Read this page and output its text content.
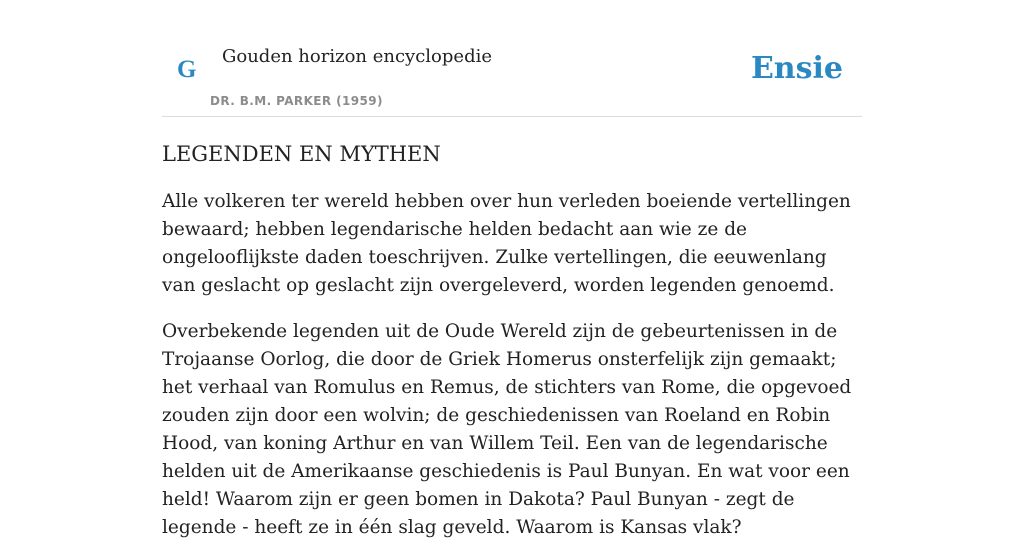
G Gouden horizon encyclopedie
DR. B.M. PARKER (1959)
Ensie
LEGENDEN EN MYTHEN

Alle volkeren ter wereld hebben over hun verleden boeiende vertellingen bewaard; hebben legendarische helden bedacht aan wie ze de ongelooflijkste daden toeschrijven. Zulke vertellingen, die eeuwenlang van geslacht op geslacht zijn overgeleverd, worden legenden genoemd.

Overbekende legenden uit de Oude Wereld zijn de gebeurtenissen in de Trojaanse Oorlog, die door de Griek Homerus onsterfelijk zijn gemaakt; het verhaal van Romulus en Remus, de stichters van Rome, die opgevoed zouden zijn door een wolvin; de geschiedenissen van Roeland en Robin Hood, van koning Arthur en van Willem Teil. Een van de legendarische helden uit de Amerikaanse geschiedenis is Paul Bunyan. En wat voor een held! Waarom zijn er geen bomen in Dakota? Paul Bunyan - zegt de legende - heeft ze in één slag geveld. Waarom is Kansas vlak?
